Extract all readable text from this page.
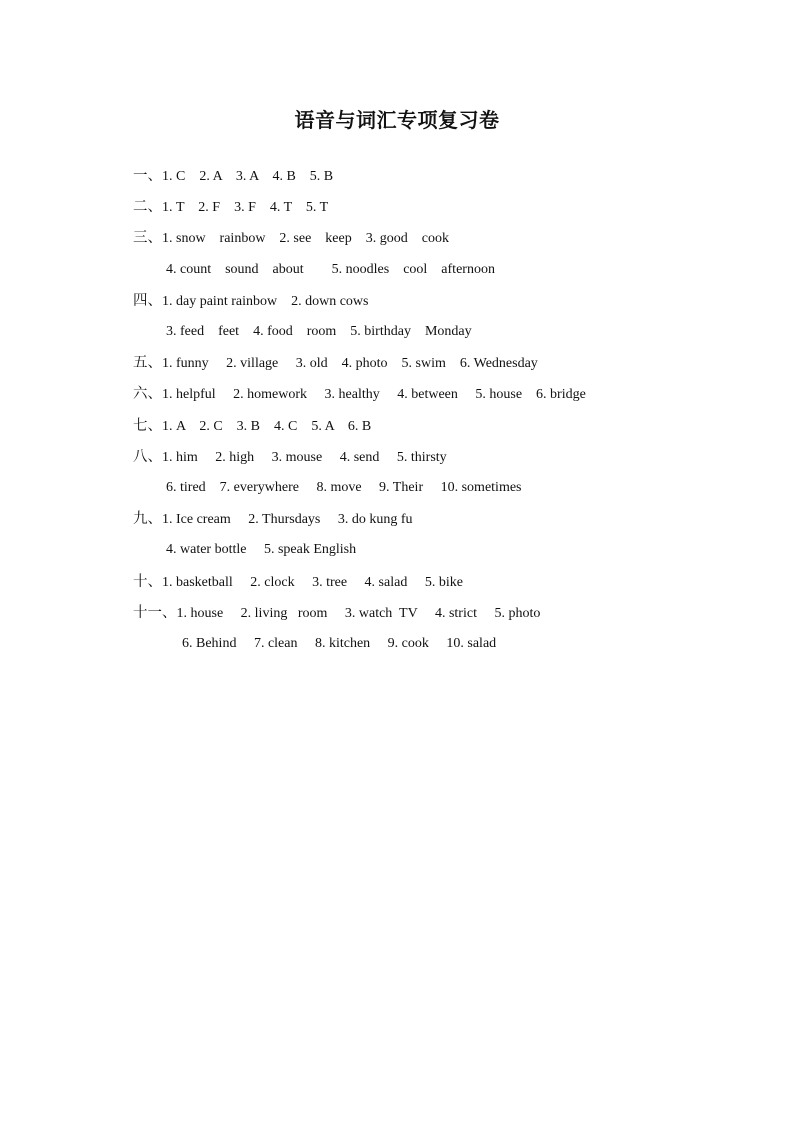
语音与词汇专项复习卷

一、1. C    2. A    3. A    4. B    5. B

二、1. T    2. F    3. F    4. T    5. T

三、1. snow    rainbow    2. see    keep    3. good    cook

4. count    sound    about        5. noodles    cool    afternoon

四、1. day paint rainbow    2. down cows

3. feed    feet    4. food    room    5. birthday    Monday

五、1. funny     2. village     3. old    4. photo    5. swim    6. Wednesday

六、1. helpful     2. homework     3. healthy     4. between     5. house    6. bridge

七、1. A    2. C    3. B    4. C    5. A    6. B

八、1. him     2. high     3. mouse     4. send     5. thirsty

6. tired    7. everywhere     8. move     9. Their     10. sometimes

九、1. Ice cream     2. Thursdays     3. do kung fu

4. water bottle     5. speak English

十、1. basketball     2. clock     3. tree     4. salad     5. bike

十一、1. house     2. living   room     3. watch  TV     4. strict     5. photo

6. Behind     7. clean     8. kitchen     9. cook     10. salad
